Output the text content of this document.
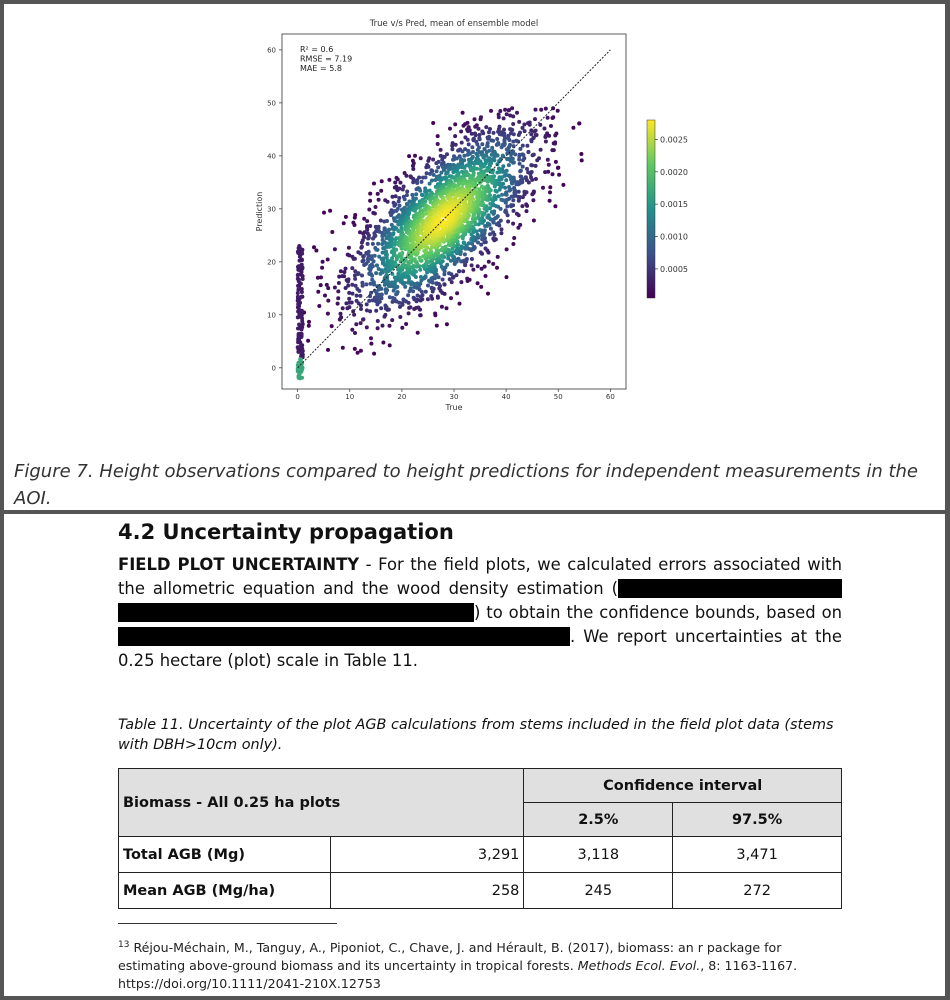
True v/s Pred, mean of ensemble model
0	10	20	30	40	50	60
0
10
20
30
40
50
60
True
Prediction
R² = 0.6
RMSE = 7.19
MAE = 5.8
0.0025
0.0020
0.0015
0.0010
0.0005

Figure 7. Height observations compared to height predictions for independent measurements in the AOI.

4.2 Uncertainty propagation

FIELD PLOT UNCERTAINTY - For the field plots, we calculated errors associated with the allometric equation and the wood density estimation ( ) to obtain the confidence bounds, based on . We report uncertainties at the 0.25 hectare (plot) scale in Table 11.

Table 11. Uncertainty of the plot AGB calculations from stems included in the field plot data (stems with DBH>10cm only).

Biomass - All 0.25 ha plots		Confidence interval	
		2.5%	97.5%
Total AGB (Mg)	3,291	3,118	3,471
Mean AGB (Mg/ha)	258	245	272

$^{13}$ Réjou-Méchain, M., Tanguy, A., Piponiot, C., Chave, J. and Hérault, B. (2017), biomass: an r package for estimating above-ground biomass and its uncertainty in tropical forests. Methods Ecol. Evol., 8: 1163-1167. https://doi.org/10.1111/2041-210X.12753
